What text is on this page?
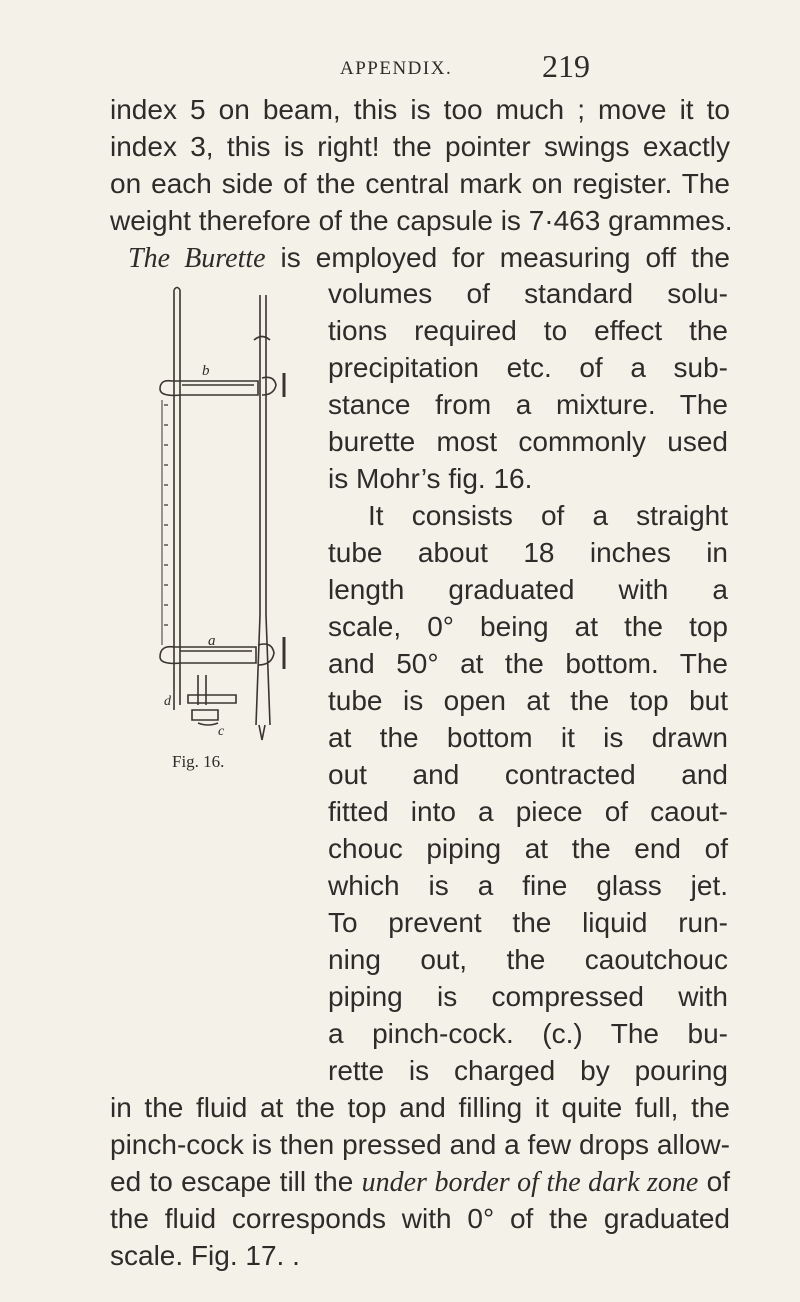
APPENDIX.	219
index 5 on beam, this is too much ; move it to
index 3, this is right! the pointer swings exactly
on each side of the central mark on register. The
weight therefore of the capsule is 7·463 grammes.
The Burette is employed for measuring off the
volumes of standard solu-
tions required to effect the
precipitation etc. of a sub-
stance from a mixture. The
burette most commonly used
is Mohr’s fig. 16.
It consists of a straight
tube about 18 inches in
length graduated with a
scale, 0° being at the top
and 50° at the bottom. The
tube is open at the top but
at the bottom it is drawn
out and contracted and
fitted into a piece of caout-
chouc piping at the end of
which is a fine glass jet.
To prevent the liquid run-
ning out, the caoutchouc
piping is compressed with
a pinch-cock. (c.) The bu-
rette is charged by pouring
in the fluid at the top and filling it quite full, the
pinch-cock is then pressed and a few drops allow-
ed to escape till the under border of the dark zone of
the fluid corresponds with 0° of the graduated
scale. Fig. 17. .
b
a
c
d
Fig. 16.
